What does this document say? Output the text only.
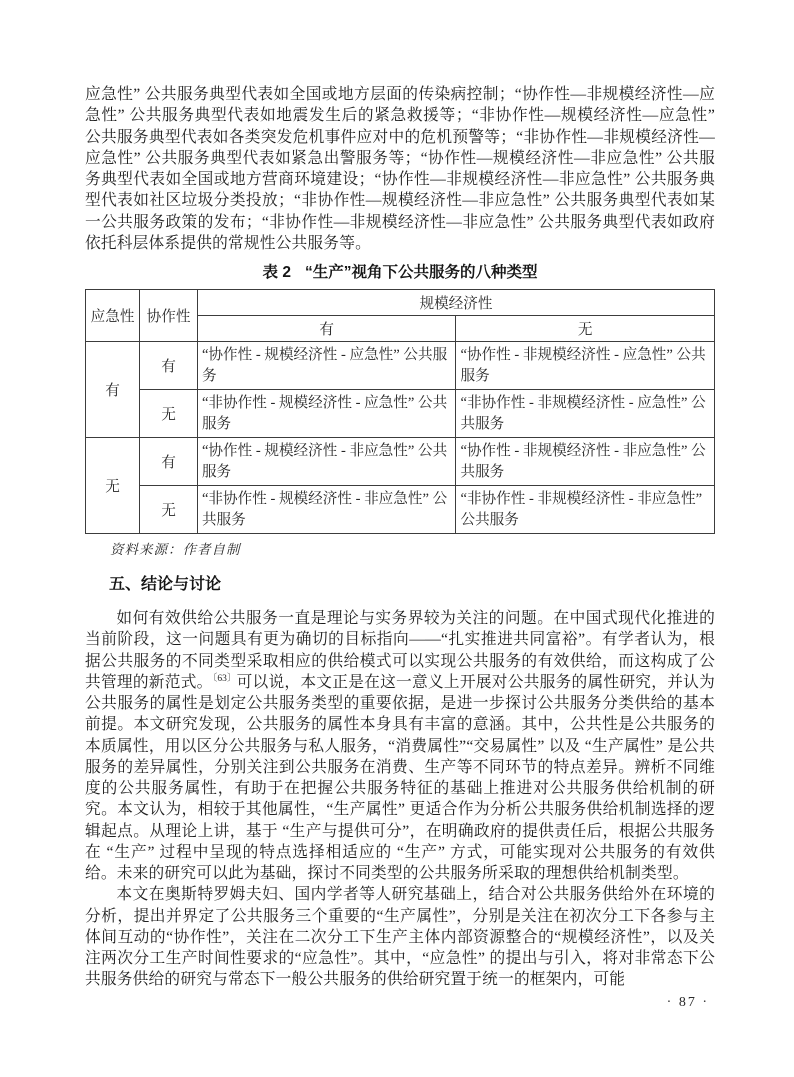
应急性” 公共服务典型代表如全国或地方层面的传染病控制；“协作性—非规模经济性—应急性” 公共服务典型代表如地震发生后的紧急救援等；“非协作性—规模经济性—应急性” 公共服务典型代表如各类突发危机事件应对中的危机预警等；“非协作性—非规模经济性—应急性” 公共服务典型代表如紧急出警服务等；“协作性—规模经济性—非应急性” 公共服务典型代表如全国或地方营商环境建设；“协作性—非规模经济性—非应急性” 公共服务典型代表如社区垃圾分类投放；“非协作性—规模经济性—非应急性” 公共服务典型代表如某一公共服务政策的发布；“非协作性—非规模经济性—非应急性” 公共服务典型代表如政府依托科层体系提供的常规性公共服务等。

表 2 “生产”视角下公共服务的八种类型
应急性	协作性	规模经济性	
		有	无
有	有	“协作性 - 规模经济性 - 应急性” 公共服务	“协作性 - 非规模经济性 - 应急性” 公共服务
	无	“非协作性 - 规模经济性 - 应急性” 公共服务	“非协作性 - 非规模经济性 - 应急性” 公共服务
无	有	“协作性 - 规模经济性 - 非应急性” 公共服务	“协作性 - 非规模经济性 - 非应急性” 公共服务
	无	“非协作性 - 规模经济性 - 非应急性” 公共服务	“非协作性 - 非规模经济性 - 非应急性” 公共服务

资料来源：作者自制

五、结论与讨论

如何有效供给公共服务一直是理论与实务界较为关注的问题。在中国式现代化推进的当前阶段，这一问题具有更为确切的目标指向——“扎实推进共同富裕”。有学者认为，根据公共服务的不同类型采取相应的供给模式可以实现公共服务的有效供给，而这构成了公共管理的新范式。$^{〔63〕}$可以说，本文正是在这一意义上开展对公共服务的属性研究，并认为公共服务的属性是划定公共服务类型的重要依据，是进一步探讨公共服务分类供给的基本前提。本文研究发现，公共服务的属性本身具有丰富的意涵。其中，公共性是公共服务的本质属性，用以区分公共服务与私人服务，“消费属性”“交易属性” 以及 “生产属性” 是公共服务的差异属性，分别关注到公共服务在消费、生产等不同环节的特点差异。辨析不同维度的公共服务属性，有助于在把握公共服务特征的基础上推进对公共服务供给机制的研究。本文认为，相较于其他属性，“生产属性” 更适合作为分析公共服务供给机制选择的逻辑起点。从理论上讲，基于 “生产与提供可分”，在明确政府的提供责任后，根据公共服务在 “生产” 过程中呈现的特点选择相适应的 “生产” 方式，可能实现对公共服务的有效供给。未来的研究可以此为基础，探讨不同类型的公共服务所采取的理想供给机制类型。

本文在奥斯特罗姆夫妇、国内学者等人研究基础上，结合对公共服务供给外在环境的分析，提出并界定了公共服务三个重要的“生产属性”，分别是关注在初次分工下各参与主体间互动的“协作性”，关注在二次分工下生产主体内部资源整合的“规模经济性”，以及关注两次分工生产时间性要求的“应急性”。其中，“应急性” 的提出与引入，将对非常态下公共服务供给的研究与常态下一般公共服务的供给研究置于统一的框架内，可能

· 87 ·
